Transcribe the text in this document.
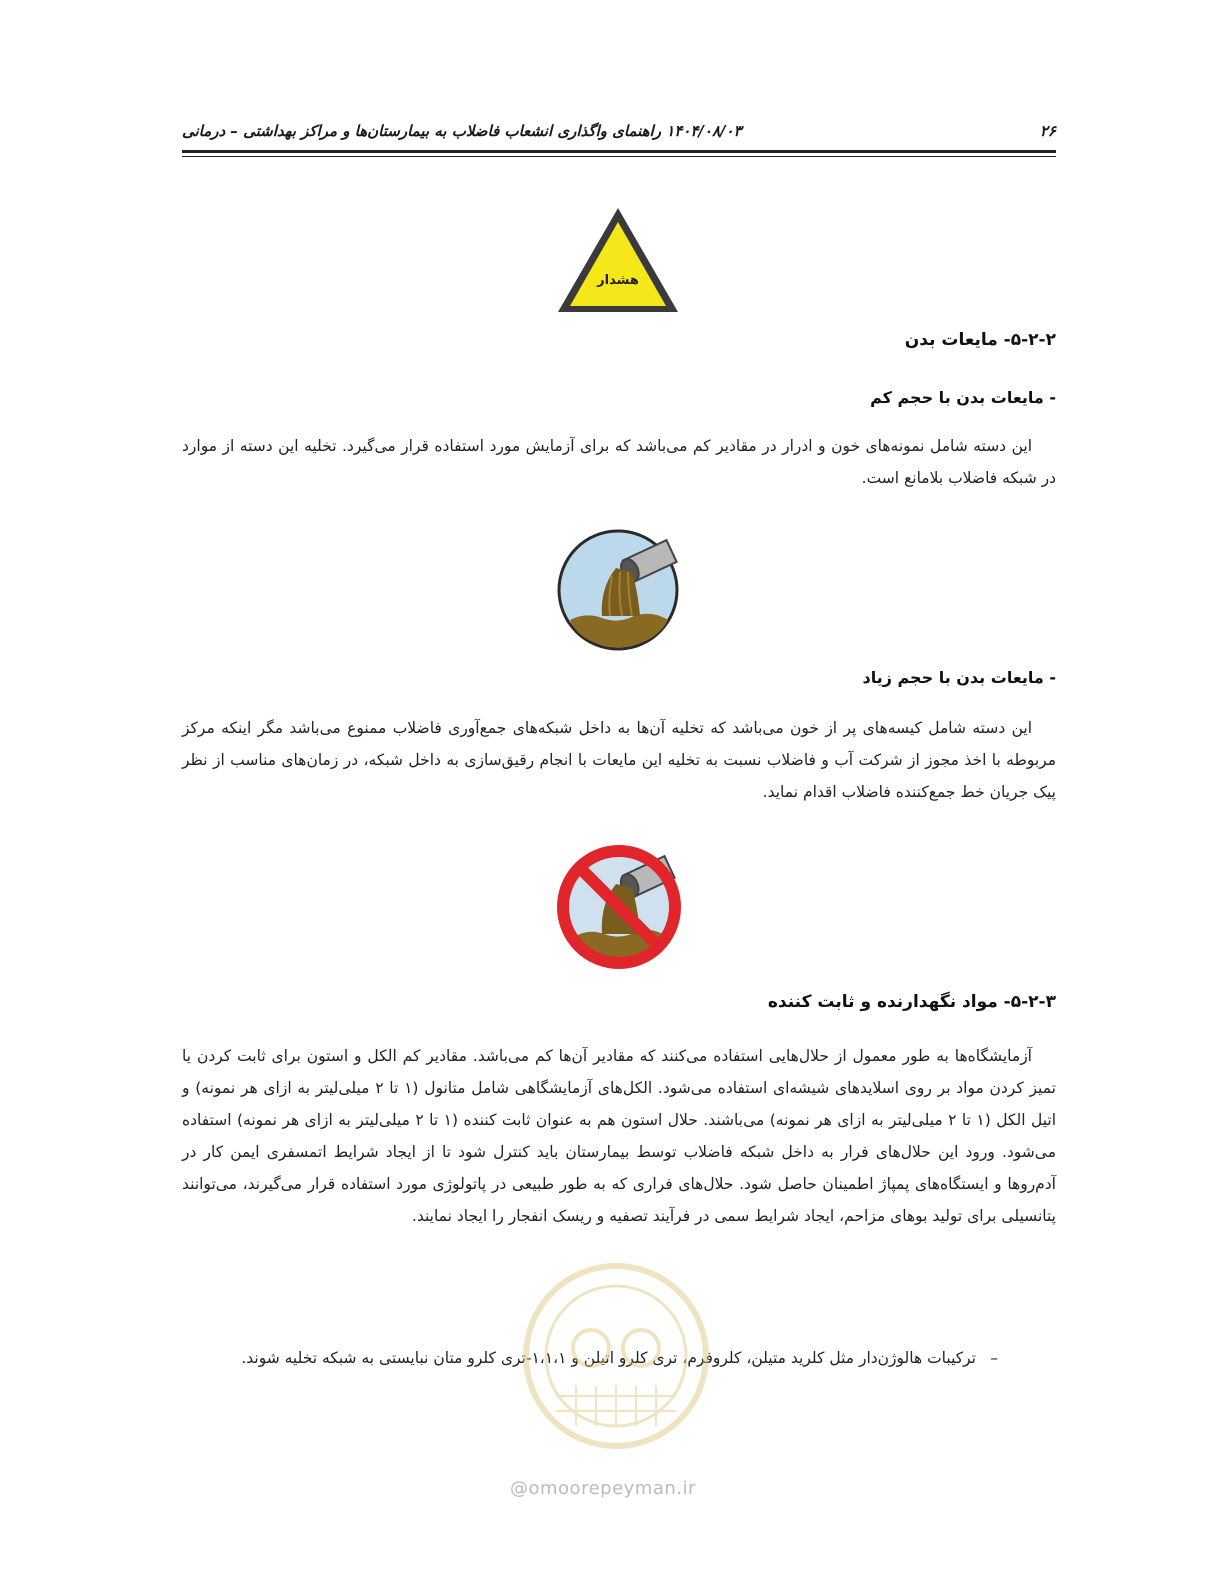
۲۶
۱۴۰۴/۰۸/۰۳ راهنمای واگذاری انشعاب فاضلاب به بیمارستان‌ها و مراکز بهداشتی – درمانی
هشدار
۵-۲-۲- مایعات بدن
- مایعات بدن با حجم کم
این دسته شامل نمونه‌های خون و ادرار در مقادیر کم می‌باشد که برای آزمایش مورد استفاده قرار می‌گیرد. تخلیه این دسته از موارد در شبکه فاضلاب بلامانع است.
- مایعات بدن با حجم زیاد
این دسته شامل کیسه‌های پر از خون می‌باشد که تخلیه آن‌ها به داخل شبکه‌های جمع‌آوری فاضلاب ممنوع می‌باشد مگر اینکه مرکز مربوطه با اخذ مجوز از شرکت آب و فاضلاب نسبت به تخلیه این مایعات با انجام رقیق‌سازی به داخل شبکه، در زمان‌های مناسب از نظر پیک جریان خط جمع‌کننده فاضلاب اقدام نماید.
۵-۲-۳- مواد نگهدارنده و ثابت کننده
آزمایشگاه‌ها به طور معمول از حلال‌هایی استفاده می‌کنند که مقادیر آن‌ها کم می‌باشد. مقادیر کم الکل و استون برای ثابت کردن یا تمیز کردن مواد بر روی اسلایدهای شیشه‌ای استفاده می‌شود. الکل‌های آزمایشگاهی شامل متانول (۱ تا ۲ میلی‌لیتر به ازای هر نمونه) و اتیل الکل (۱ تا ۲ میلی‌لیتر به ازای هر نمونه) می‌باشند. حلال استون هم به عنوان ثابت کننده (۱ تا ۲ میلی‌لیتر به ازای هر نمونه) استفاده می‌شود. ورود این حلال‌های فرار به داخل شبکه فاضلاب توسط بیمارستان باید کنترل شود تا از ایجاد شرایط اتمسفری ایمن کار در آدم‌روها و ایستگاه‌های پمپاژ اطمینان حاصل شود. حلال‌های فراری که به طور طبیعی در پاتولوژی مورد استفاده قرار می‌گیرند، می‌توانند پتانسیلی برای تولید بوهای مزاحم، ایجاد شرایط سمی در فرآیند تصفیه و ریسک انفجار را ایجاد نمایند.
–
ترکیبات هالوژن‌دار مثل کلرید متیلن، کلروفرم، تری کلرو اتیلن و ۱،۱،۱-تری کلرو متان نبایستی به شبکه تخلیه شوند.
@omoorepeyman.ir
